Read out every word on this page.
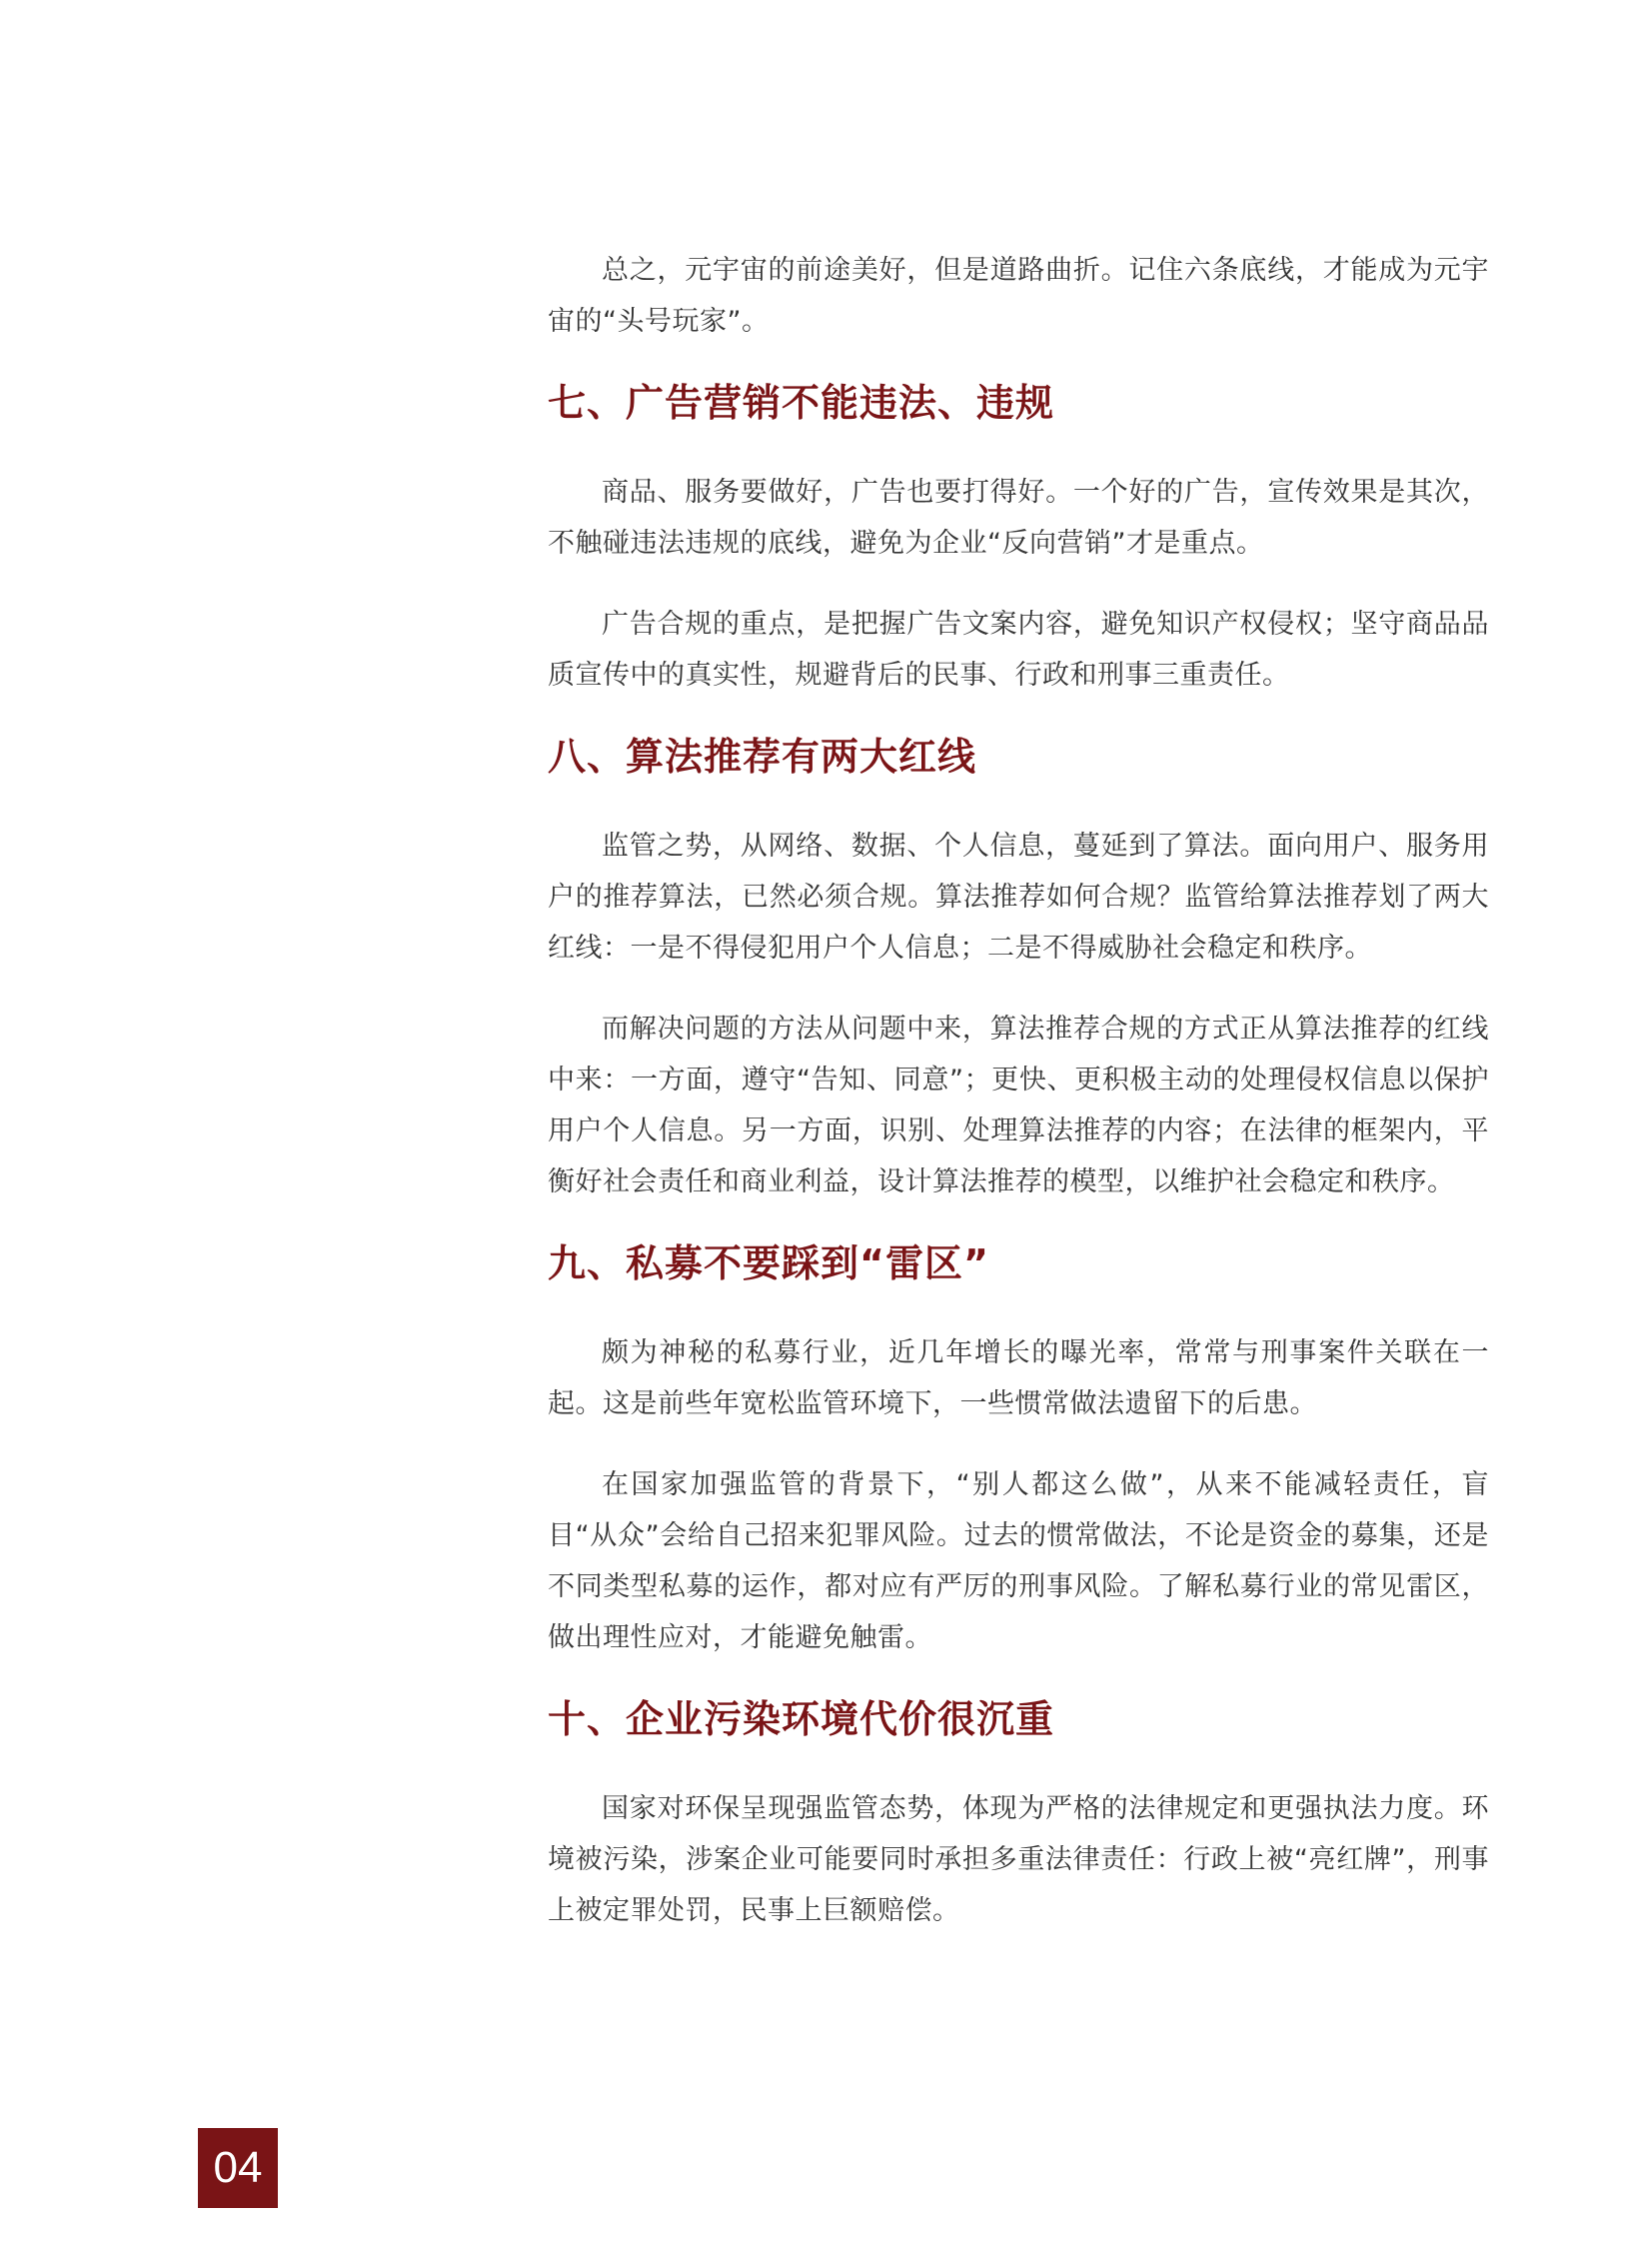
总之，元宇宙的前途美好，但是道路曲折。记住六条底线，才能成为元宇宙的“头号玩家”。

七、广告营销不能违法、违规

商品、服务要做好，广告也要打得好。一个好的广告，宣传效果是其次，不触碰违法违规的底线，避免为企业“反向营销”才是重点。

广告合规的重点，是把握广告文案内容，避免知识产权侵权；坚守商品品质宣传中的真实性，规避背后的民事、行政和刑事三重责任。

八、算法推荐有两大红线

监管之势，从网络、数据、个人信息，蔓延到了算法。面向用户、服务用户的推荐算法，已然必须合规。算法推荐如何合规？监管给算法推荐划了两大红线：一是不得侵犯用户个人信息；二是不得威胁社会稳定和秩序。

而解决问题的方法从问题中来，算法推荐合规的方式正从算法推荐的红线中来：一方面，遵守“告知、同意”；更快、更积极主动的处理侵权信息以保护用户个人信息。另一方面，识别、处理算法推荐的内容；在法律的框架内，平衡好社会责任和商业利益，设计算法推荐的模型，以维护社会稳定和秩序。

九、私募不要踩到“雷区”

颇为神秘的私募行业，近几年增长的曝光率，常常与刑事案件关联在一起。这是前些年宽松监管环境下，一些惯常做法遗留下的后患。

在国家加强监管的背景下，“别人都这么做”，从来不能减轻责任，盲目“从众”会给自己招来犯罪风险。过去的惯常做法，不论是资金的募集，还是不同类型私募的运作，都对应有严厉的刑事风险。了解私募行业的常见雷区，做出理性应对，才能避免触雷。

十、企业污染环境代价很沉重

国家对环保呈现强监管态势，体现为严格的法律规定和更强执法力度。环境被污染，涉案企业可能要同时承担多重法律责任：行政上被“亮红牌”，刑事上被定罪处罚，民事上巨额赔偿。

04
